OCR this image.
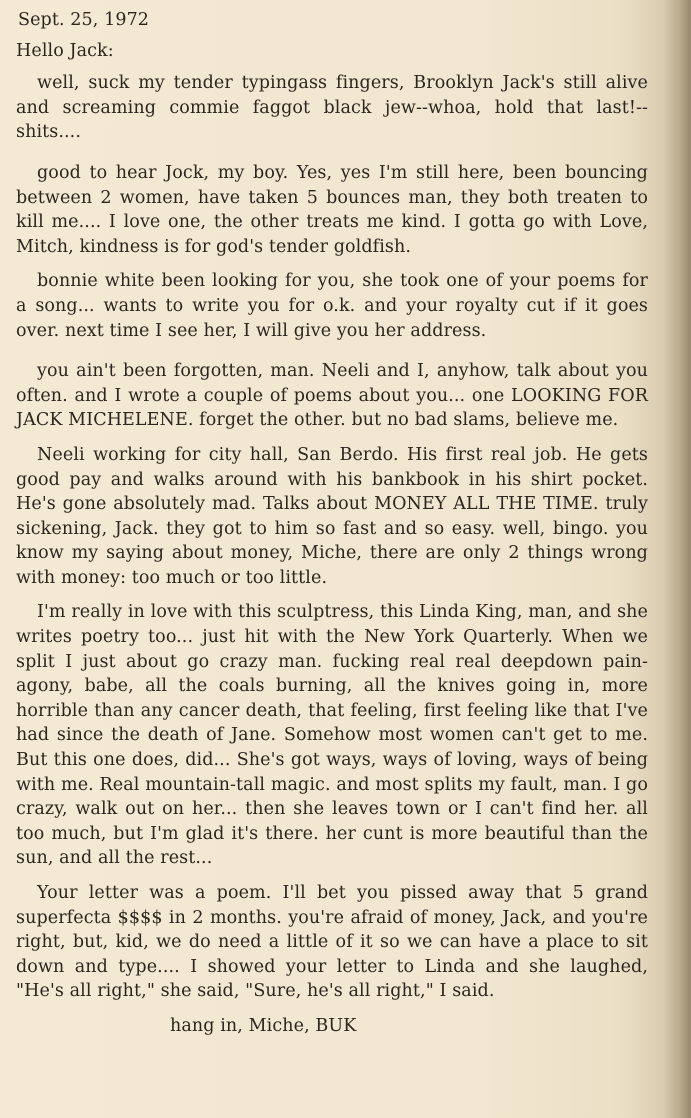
Sept. 25, 1972
Hello Jack:

well, suck my tender typingass fingers, Brooklyn Jack's still alive and screaming commie faggot black jew--whoa, hold that last!--shits....

good to hear Jock, my boy. Yes, yes I'm still here, been bouncing between 2 women, have taken 5 bounces man, they both treaten to kill me.... I love one, the other treats me kind. I gotta go with Love, Mitch, kindness is for god's tender goldfish.

bonnie white been looking for you, she took one of your poems for a song... wants to write you for o.k. and your royalty cut if it goes over. next time I see her, I will give you her address.

you ain't been forgotten, man. Neeli and I, anyhow, talk about you often. and I wrote a couple of poems about you... one LOOKING FOR JACK MICHELENE. forget the other. but no bad slams, believe me.

Neeli working for city hall, San Berdo. His first real job. He gets good pay and walks around with his bankbook in his shirt pocket. He's gone absolutely mad. Talks about MONEY ALL THE TIME. truly sickening, Jack. they got to him so fast and so easy. well, bingo. you know my saying about money, Miche, there are only 2 things wrong with money: too much or too little.

I'm really in love with this sculptress, this Linda King, man, and she writes poetry too... just hit with the New York Quarterly. When we split I just about go crazy man. fucking real real deepdown pain-agony, babe, all the coals burning, all the knives going in, more horrible than any cancer death, that feeling, first feeling like that I've had since the death of Jane. Somehow most women can't get to me. But this one does, did... She's got ways, ways of loving, ways of being with me. Real mountain-tall magic. and most splits my fault, man. I go crazy, walk out on her... then she leaves town or I can't find her. all too much, but I'm glad it's there. her cunt is more beautiful than the sun, and all the rest...

Your letter was a poem. I'll bet you pissed away that 5 grand superfecta $$$$ in 2 months. you're afraid of money, Jack, and you're right, but, kid, we do need a little of it so we can have a place to sit down and type.... I showed your letter to Linda and she laughed, "He's all right," she said, "Sure, he's all right," I said.

hang in, Miche, BUK
